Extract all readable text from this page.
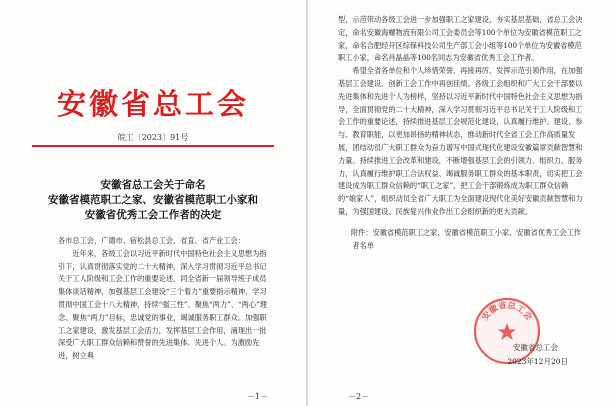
安徽省总工会
皖工〔2023〕91号
安徽省总工会关于命名
安徽省模范职工之家、安徽省模范职工小家和
安徽省优秀工会工作者的决定

各市总工会，广德市、宿松县总工会，省直、省产业工会：

近年来，各级工会以习近平新时代中国特色社会主义思想为指引下，认真贯彻落实党的二十大精神，深入学习贯彻习近平总书记关于工人阶级和工会工作的重要论述，同全省新一届领导班子成员集体谈话精神，加强基层工会建设“三个着力”重要指示精神，学习贯彻中国工会十八大精神，持续“强三性”、聚焦“两力”、“两心”理念、聚焦“两力”目标，忠诚党的事业，竭诚服务职工群众。加强职工之家建设，激发基层工会活力，发挥基层工会作用，涌现出一批深受广大职工群众信赖和赞誉的先进集体。先进个人。为激励先进，树立典

－1－

型，示范带动各级工会进一步加强职工之家建设，夯实基层基础，省总工会决定，命名安徽海螺物流有限公司工会委员会等100个单位为安徽省模范职工之家，命名合肥经开区综保科技公司生产部工会小组等100个单位为安徽省模范职工小家，命名肖晶晶等100名同志为安徽省优秀工会工作者。

希望全省各单位和个人珍惜荣誉、再接再厉，发挥示范引领作用，在加强基层工会建设、创新工会工作中再创佳绩。各级工会组织和广大工会干部要以先进集体和先进个人为榜样，坚持以习近平新时代中国特色社会主义思想为指导，全面贯彻党的二十大精神，深入学习贯彻习近平总书记关于工人阶级和工会工作的重要论述，持续推进基层工会规范化建设，认真履行维护、建设、参与、教育职能，以更加昂扬的精神状态，推动新时代全省工会工作高质量发展，团结动员广大职工群众为奋力谱写中国式现代化建设安徽篇章贡献智慧和力量。持续推进工会改革和建设，不断增强基层工会的引领力、组织力、服务力，认真履行维护职工合法权益、竭诚服务职工群众的基本职责，切实把工会建设成为职工群众信赖的“职工之家”，把工会干部锻炼成为职工群众信赖的“娘家人”，组织动员全省广大职工为全面建设现代化美好安徽贡献智慧和力量，为强国建设、民族复兴伟业作出工会组织新的更大贡献。

附件：安徽省模范职工之家、安徽省模范职工小家、安徽省优秀工会工作者名单

安徽省总工会
安徽省总工会
2023年12月20日
－2－
